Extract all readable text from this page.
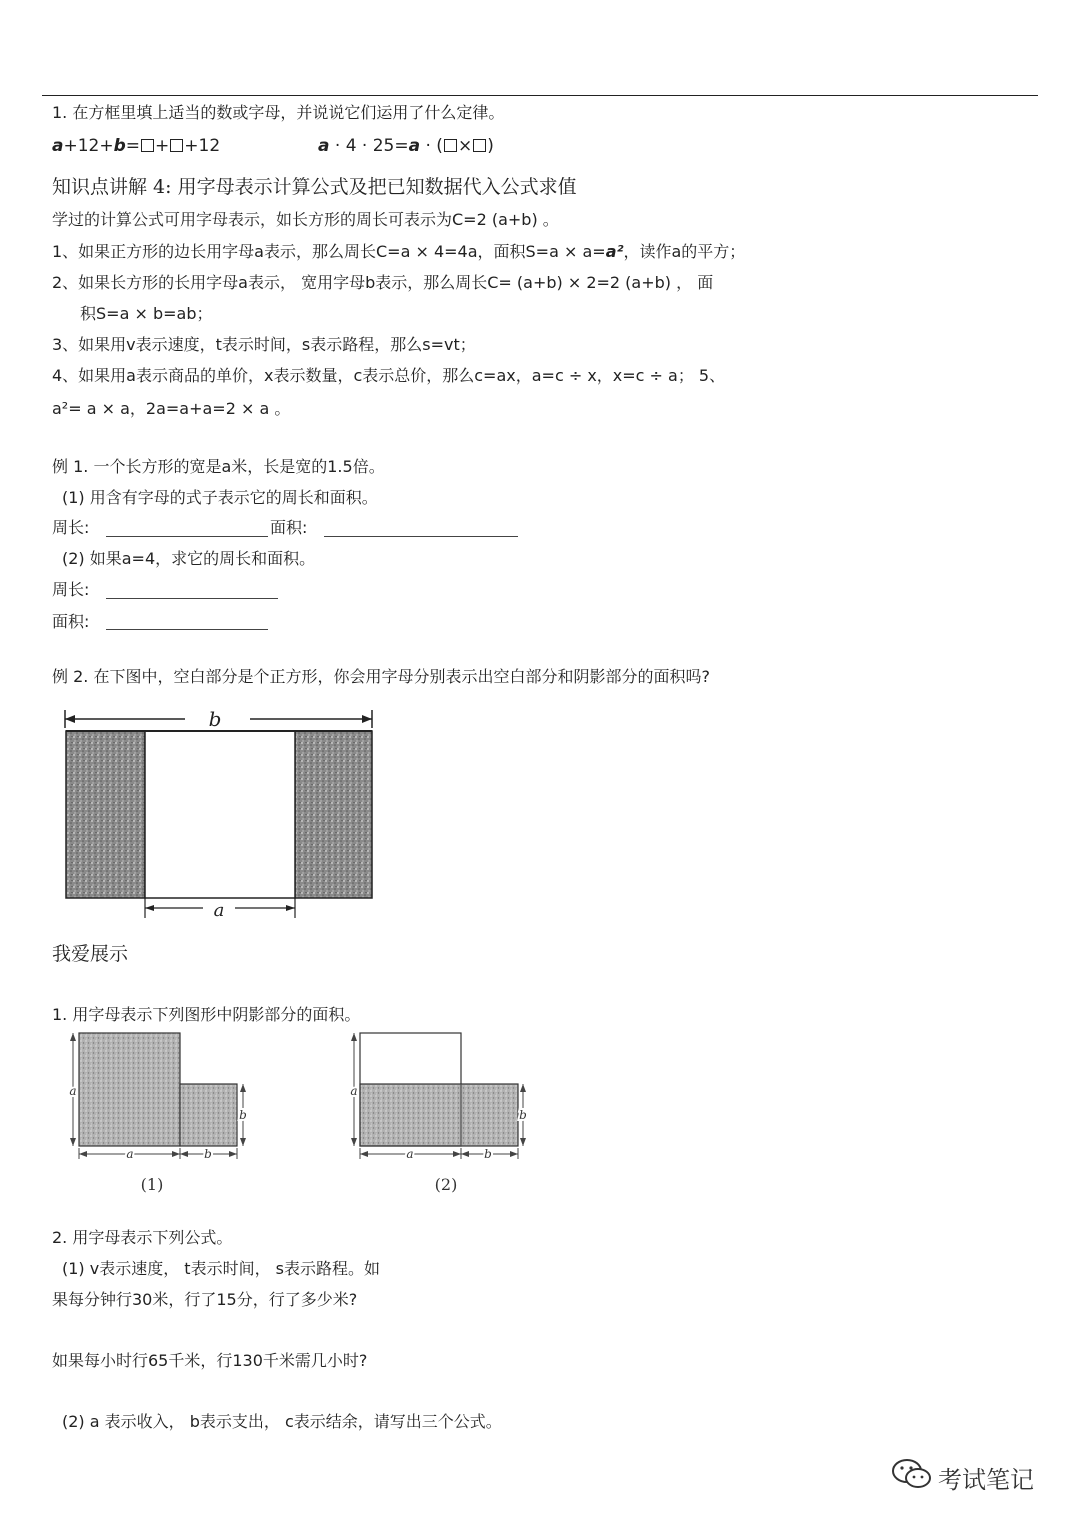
1. 在方框里填上适当的数或字母，并说说它们运用了什么定律。
a+12+b= + +12	a · 4 · 25=a · ( × )
知识点讲解 4: 用字母表示计算公式及把已知数据代入公式求值
学过的计算公式可用字母表示，如长方形的周长可表示为C=2 (a+b) 。
1、如果正方形的边长用字母a表示，那么周长C=a × 4=4a，面积S=a × a=a²，读作a的平方；
2、如果长方形的长用字母a表示， 宽用字母b表示，那么周长C= (a+b) × 2=2 (a+b) ， 面
积S=a × b=ab；
3、如果用v表示速度，t表示时间，s表示路程，那么s=vt；
4、如果用a表示商品的单价，x表示数量，c表示总价，那么c=ax，a=c ÷ x，x=c ÷ a； 5、
a²= a × a，2a=a+a=2 × a 。
例 1. 一个长方形的宽是a米，长是宽的1.5倍。
(1) 用含有字母的式子表示它的周长和面积。
周长:	面积:
(2) 如果a=4，求它的周长和面积。
周长:
面积:
例 2. 在下图中，空白部分是个正方形，你会用字母分别表示出空白部分和阴影部分的面积吗?
b
a
我爱展示
1. 用字母表示下列图形中阴影部分的面积。
a
b
a	b
(1)
a
b
a	b
(2)
2. 用字母表示下列公式。
(1) v表示速度， t表示时间， s表示路程。如
果每分钟行30米，行了15分，行了多少米?
如果每小时行65千米，行130千米需几小时?
(2) a 表示收入， b表示支出， c表示结余，请写出三个公式。
考试笔记
